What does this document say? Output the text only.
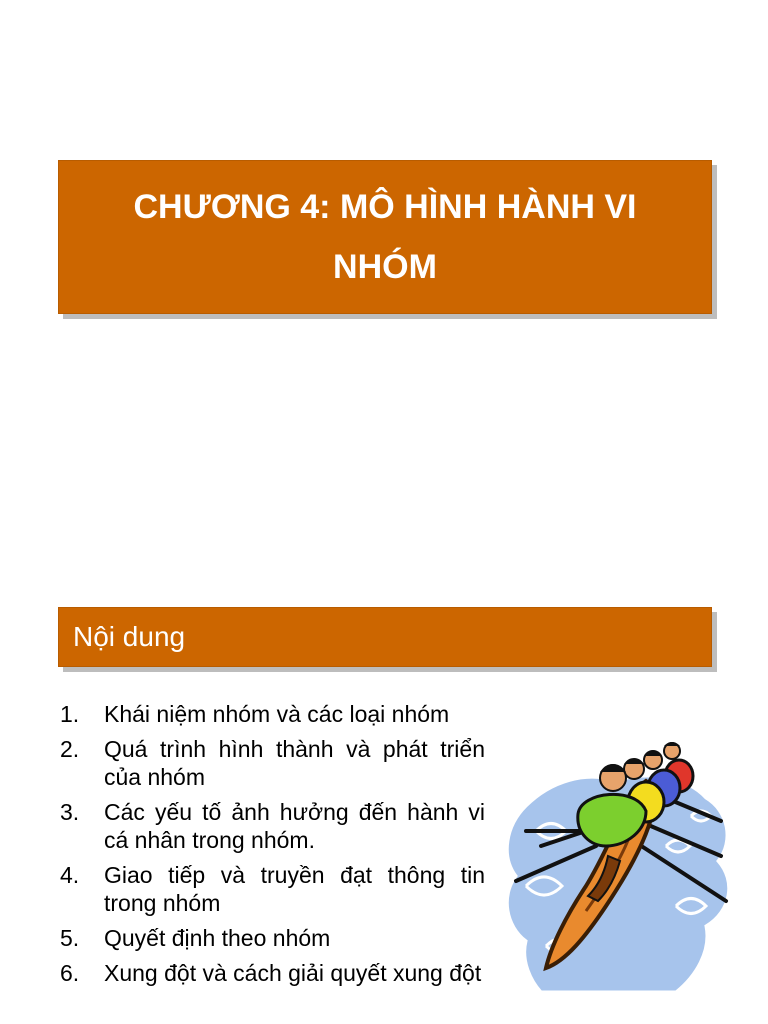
CHƯƠNG 4: MÔ HÌNH HÀNH VI NHÓM
Nội dung
1.	Khái niệm nhóm và các loại nhóm
2.	Quá trình hình thành và phát triển của nhóm
3.	Các yếu tố ảnh hưởng đến hành vi cá nhân trong nhóm.
4.	Giao tiếp và truyền đạt thông tin trong nhóm
5.	Quyết định theo nhóm
6.	Xung đột và cách giải quyết xung đột
